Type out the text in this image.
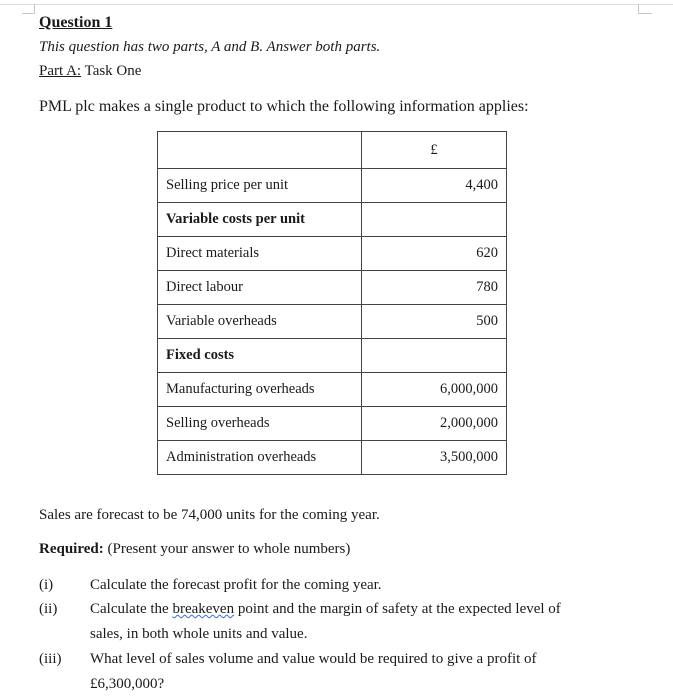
Question 1
This question has two parts, A and B. Answer both parts.
Part A: Task One
PML plc makes a single product to which the following information applies:
	£
Selling price per unit	4,400
Variable costs per unit	
Direct materials	620
Direct labour	780
Variable overheads	500
Fixed costs	
Manufacturing overheads	6,000,000
Selling overheads	2,000,000
Administration overheads	3,500,000
Sales are forecast to be 74,000 units for the coming year.
Required: (Present your answer to whole numbers)
(i) Calculate the forecast profit for the coming year.
(ii) Calculate the breakeven point and the margin of safety at the expected level of
sales, in both whole units and value.
(iii) What level of sales volume and value would be required to give a profit of
£6,300,000?
